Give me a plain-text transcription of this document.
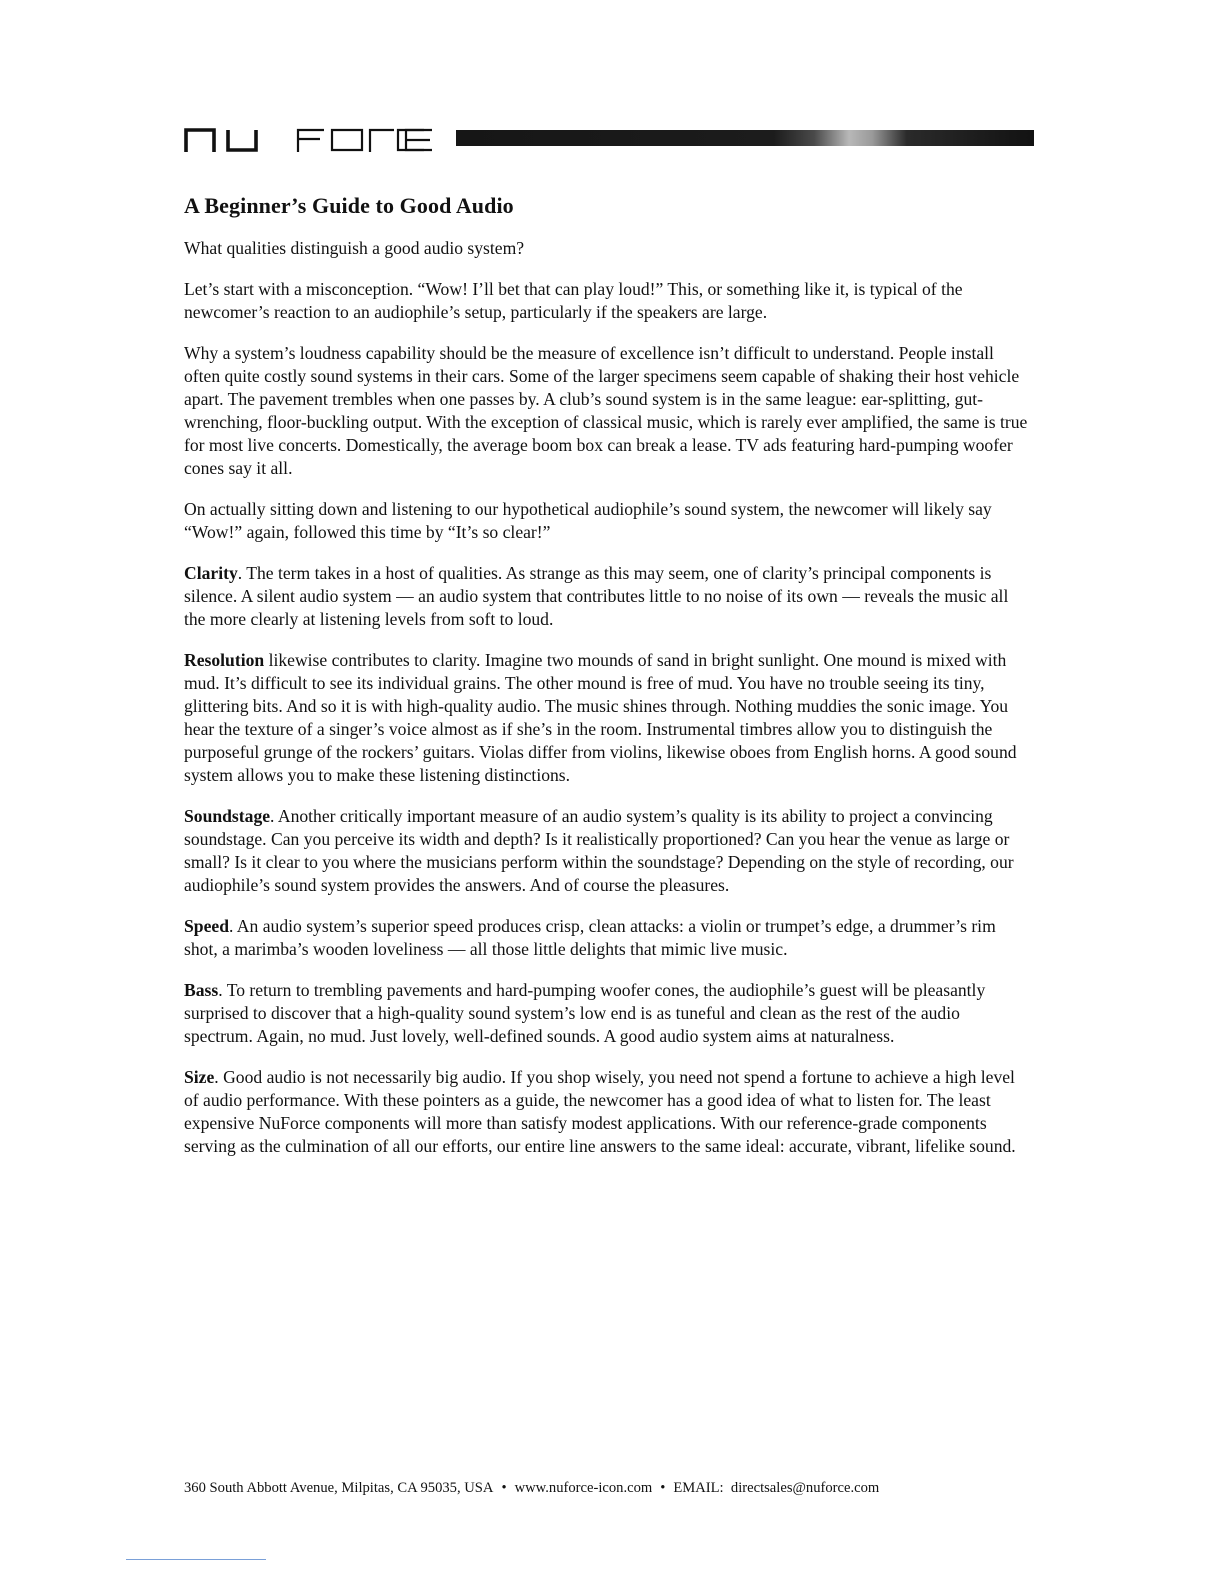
A Beginner’s Guide to Good Audio

What qualities distinguish a good audio system?

Let’s start with a misconception. “Wow! I’ll bet that can play loud!” This, or something like it, is typical of the newcomer’s reaction to an audiophile’s setup, particularly if the speakers are large.

Why a system’s loudness capability should be the measure of excellence isn’t difficult to understand. People install often quite costly sound systems in their cars. Some of the larger specimens seem capable of shaking their host vehicle apart. The pavement trembles when one passes by. A club’s sound system is in the same league: ear-splitting, gut-wrenching, floor-buckling output. With the exception of classical music, which is rarely ever amplified, the same is true for most live concerts. Domestically, the average boom box can break a lease. TV ads featuring hard-pumping woofer cones say it all.

On actually sitting down and listening to our hypothetical audiophile’s sound system, the newcomer will likely say “Wow!” again, followed this time by “It’s so clear!”

Clarity. The term takes in a host of qualities. As strange as this may seem, one of clarity’s principal components is silence. A silent audio system — an audio system that contributes little to no noise of its own — reveals the music all the more clearly at listening levels from soft to loud.

Resolution likewise contributes to clarity. Imagine two mounds of sand in bright sunlight. One mound is mixed with mud. It’s difficult to see its individual grains. The other mound is free of mud. You have no trouble seeing its tiny, glittering bits. And so it is with high-quality audio. The music shines through. Nothing muddies the sonic image. You hear the texture of a singer’s voice almost as if she’s in the room. Instrumental timbres allow you to distinguish the purposeful grunge of the rockers’ guitars. Violas differ from violins, likewise oboes from English horns. A good sound system allows you to make these listening distinctions.

Soundstage. Another critically important measure of an audio system’s quality is its ability to project a convincing soundstage. Can you perceive its width and depth? Is it realistically proportioned? Can you hear the venue as large or small? Is it clear to you where the musicians perform within the soundstage? Depending on the style of recording, our audiophile’s sound system provides the answers. And of course the pleasures.

Speed. An audio system’s superior speed produces crisp, clean attacks: a violin or trumpet’s edge, a drummer’s rim shot, a marimba’s wooden loveliness — all those little delights that mimic live music.

Bass. To return to trembling pavements and hard-pumping woofer cones, the audiophile’s guest will be pleasantly surprised to discover that a high-quality sound system’s low end is as tuneful and clean as the rest of the audio spectrum. Again, no mud. Just lovely, well-defined sounds. A good audio system aims at naturalness.

Size. Good audio is not necessarily big audio. If you shop wisely, you need not spend a fortune to achieve a high level of audio performance. With these pointers as a guide, the newcomer has a good idea of what to listen for. The least expensive NuForce components will more than satisfy modest applications. With our reference-grade components serving as the culmination of all our efforts, our entire line answers to the same ideal: accurate, vibrant, lifelike sound.

360 South Abbott Avenue, Milpitas, CA 95035, USA • www.nuforce-icon.com • EMAIL: directsales@nuforce.com
